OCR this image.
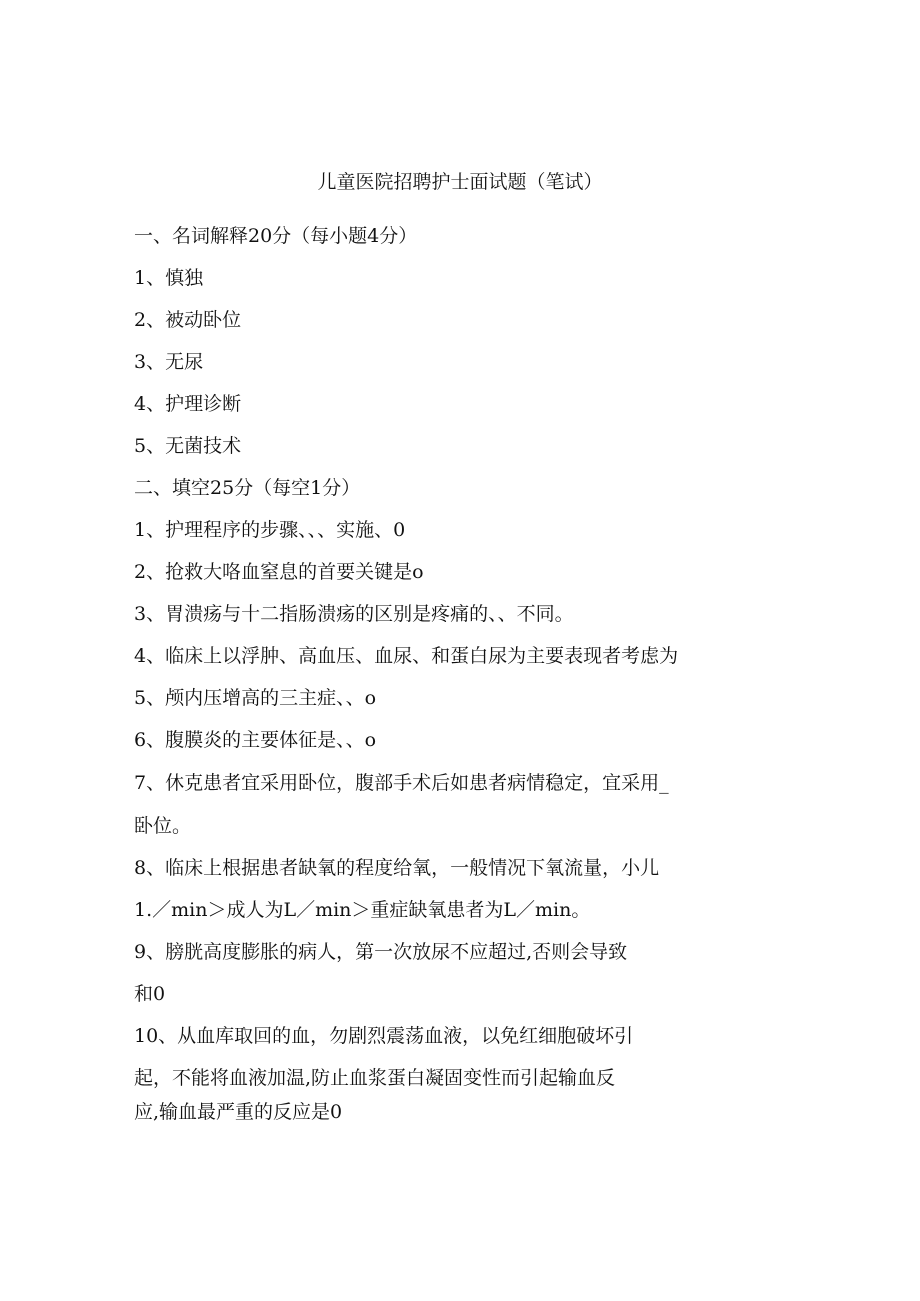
儿童医院招聘护士面试题（笔试）
一、名词解释20分（每小题4分）
1、慎独
2、被动卧位
3、无尿
4、护理诊断
5、无菌技术
二、填空25分（每空1分）
1、护理程序的步骤、、、实施、0
2、抢救大咯血窒息的首要关键是o
3、胃溃疡与十二指肠溃疡的区别是疼痛的、、不同。
4、临床上以浮肿、高血压、血尿、和蛋白尿为主要表现者考虑为
5、颅内压增高的三主症、、o
6、腹膜炎的主要体征是、、o
7、休克患者宜采用卧位，腹部手术后如患者病情稳定，宜采用_
卧位。
8、临床上根据患者缺氧的程度给氧，一般情况下氧流量，小儿
1.／min＞成人为L／min＞重症缺氧患者为L／min。
9、膀胱高度膨胀的病人，第一次放尿不应超过,否则会导致
和0
10、从血库取回的血，勿剧烈震荡血液，以免红细胞破坏引
起，不能将血液加温,防止血浆蛋白凝固变性而引起输血反
应,输血最严重的反应是0
